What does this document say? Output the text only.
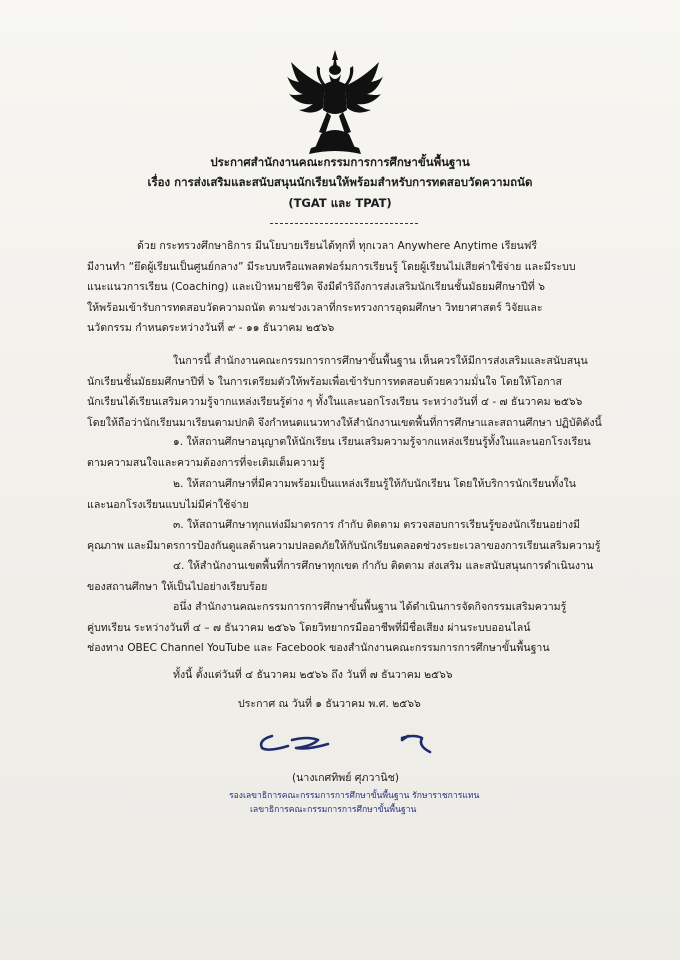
ประกาศสำนักงานคณะกรรมการการศึกษาขั้นพื้นฐาน
เรื่อง การส่งเสริมและสนับสนุนนักเรียนให้พร้อมสำหรับการทดสอบวัดความถนัด
(TGAT และ TPAT)
ด้วย กระทรวงศึกษาธิการ มีนโยบายเรียนได้ทุกที่ ทุกเวลา Anywhere Anytime เรียนฟรี
มีงานทำ “ยึดผู้เรียนเป็นศูนย์กลาง” มีระบบหรือแพลตฟอร์มการเรียนรู้ โดยผู้เรียนไม่เสียค่าใช้จ่าย และมีระบบ
แนะแนวการเรียน (Coaching) และเป้าหมายชีวิต จึงมีดำริถึงการส่งเสริมนักเรียนชั้นมัธยมศึกษาปีที่ ๖
ให้พร้อมเข้ารับการทดสอบวัดความถนัด ตามช่วงเวลาที่กระทรวงการอุดมศึกษา วิทยาศาสตร์ วิจัยและ
นวัตกรรม กำหนดระหว่างวันที่ ๙ - ๑๑ ธันวาคม ๒๕๖๖
ในการนี้ สำนักงานคณะกรรมการการศึกษาขั้นพื้นฐาน เห็นควรให้มีการส่งเสริมและสนับสนุน
นักเรียนชั้นมัธยมศึกษาปีที่ ๖ ในการเตรียมตัวให้พร้อมเพื่อเข้ารับการทดสอบด้วยความมั่นใจ โดยให้โอกาส
นักเรียนได้เรียนเสริมความรู้จากแหล่งเรียนรู้ต่าง ๆ ทั้งในและนอกโรงเรียน ระหว่างวันที่ ๔ - ๗ ธันวาคม ๒๕๖๖
โดยให้ถือว่านักเรียนมาเรียนตามปกติ จึงกำหนดแนวทางให้สำนักงานเขตพื้นที่การศึกษาและสถานศึกษา ปฏิบัติดังนี้
๑. ให้สถานศึกษาอนุญาตให้นักเรียน เรียนเสริมความรู้จากแหล่งเรียนรู้ทั้งในและนอกโรงเรียน
ตามความสนใจและความต้องการที่จะเติมเต็มความรู้
๒. ให้สถานศึกษาที่มีความพร้อมเป็นแหล่งเรียนรู้ให้กับนักเรียน โดยให้บริการนักเรียนทั้งใน
และนอกโรงเรียนแบบไม่มีค่าใช้จ่าย
๓. ให้สถานศึกษาทุกแห่งมีมาตรการ กำกับ ติดตาม ตรวจสอบการเรียนรู้ของนักเรียนอย่างมี
คุณภาพ และมีมาตรการป้องกันดูแลด้านความปลอดภัยให้กับนักเรียนตลอดช่วงระยะเวลาของการเรียนเสริมความรู้
๔. ให้สำนักงานเขตพื้นที่การศึกษาทุกเขต กำกับ ติดตาม ส่งเสริม และสนับสนุนการดำเนินงาน
ของสถานศึกษา ให้เป็นไปอย่างเรียบร้อย
อนึ่ง สำนักงานคณะกรรมการการศึกษาขั้นพื้นฐาน ได้ดำเนินการจัดกิจกรรมเสริมความรู้
คู่บทเรียน ระหว่างวันที่ ๔ – ๗ ธันวาคม ๒๕๖๖ โดยวิทยากรมืออาชีพที่มีชื่อเสียง ผ่านระบบออนไลน์
ช่องทาง OBEC Channel YouTube และ Facebook ของสำนักงานคณะกรรมการการศึกษาขั้นพื้นฐาน
ทั้งนี้ ตั้งแต่วันที่ ๔ ธันวาคม ๒๕๖๖ ถึง วันที่ ๗ ธันวาคม ๒๕๖๖
ประกาศ ณ วันที่ ๑ ธันวาคม พ.ศ. ๒๕๖๖
(นางเกศทิพย์ ศุภวานิช)
รองเลขาธิการคณะกรรมการการศึกษาขั้นพื้นฐาน รักษาราชการแทน
เลขาธิการคณะกรรมการการศึกษาขั้นพื้นฐาน
